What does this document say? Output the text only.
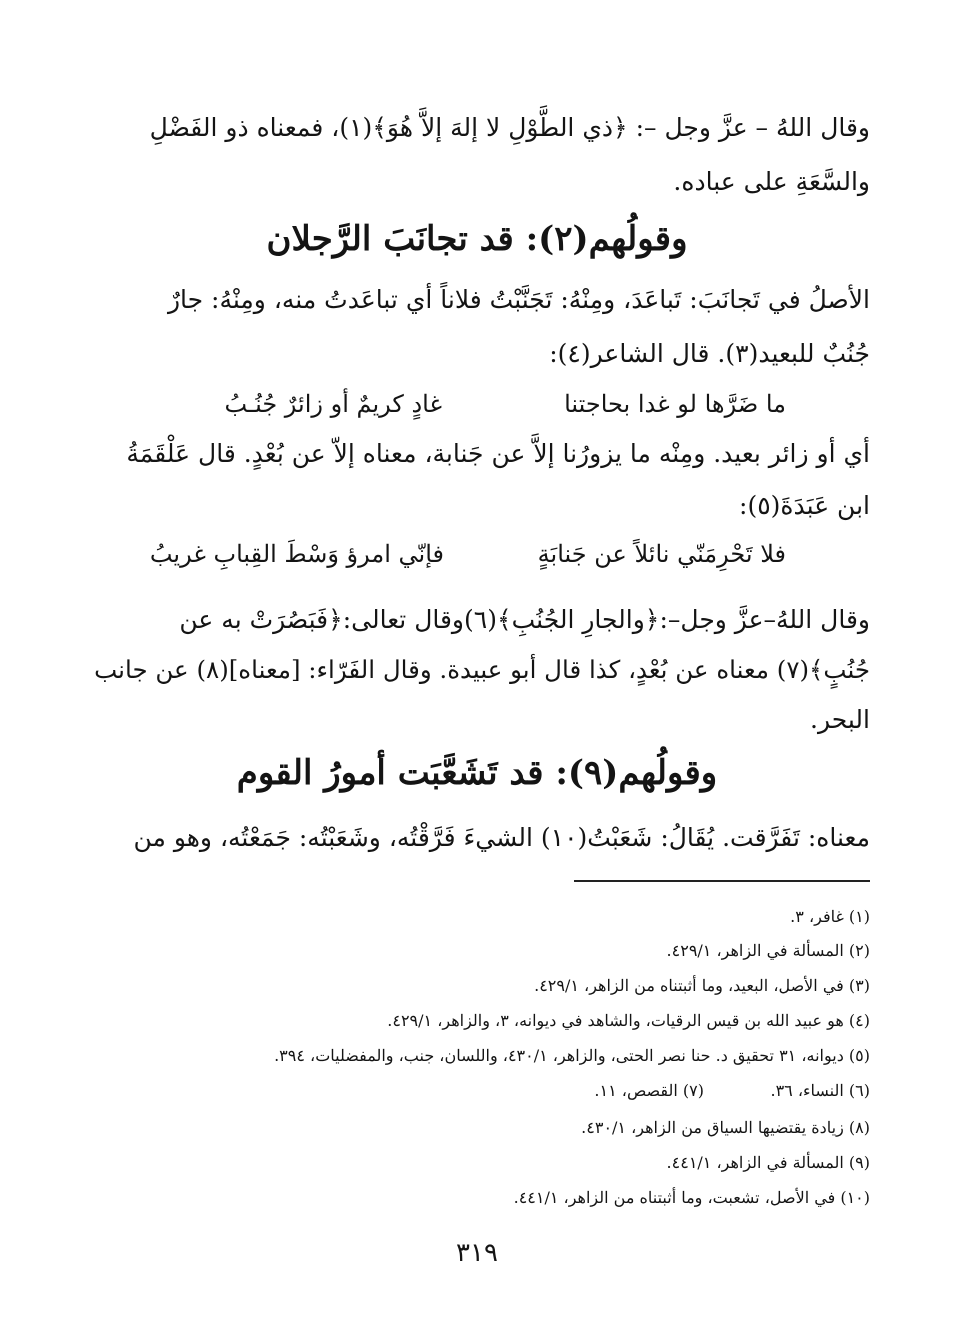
وقال اللهُ – عزَّ وجل –: ﴿ذي الطَّوْلِ لا إلهَ إلاَّ هُوَ﴾(١)، فمعناه ذو الفَضْلِ
والسَّعَةِ على عباده.
وقولُهم(٢): قد تجانَبَ الرَّجلان
الأصلُ في تَجانَبَ: تَباعَدَ، ومِنْهُ: تَجَنَّبْتُ فلاناً أي تباعَدتُ منه، ومِنْهُ: جارٌ
جُنُبٌ للبعيد(٣). قال الشاعر(٤):
ما ضَرَّها لو غدا بحاجتنا
غادٍ كريمٌ أو زائرٌ جُنُـبُ
أي أو زائر بعيد. ومِنْه ما يزورُنا إلاَّ عن جَنابة، معناه إلاّ عن بُعْدٍ. قال عَلْقَمَةُ
ابن عَبَدَةَ(٥):
فلا تَحْرِمَنّي نائلاً عن جَنابَةٍ
فإنّي امرؤ وَسْطَ القِبابِ غريبُ
وقال اللهُ–عزَّ وجل–:﴿والجارِ الجُنُبِ﴾(٦)وقال تعالى:﴿فَبَصُرَتْ به عن
جُنُبٍ﴾(٧) معناه عن بُعْدٍ، كذا قال أبو عبيدة. وقال الفَرّاء: [معناه](٨) عن جانب
البحر.
وقولُهم(٩): قد تَشَعَّبَت أمورُ القوم
معناه: تَفَرَّقت. يُقَالُ: شَعَبْتُ(١٠) الشيءَ فَرَّقْتُه، وشَعَبْتُه: جَمَعْتُه، وهو من
(١) غافر، ٣.
(٢) المسألة في الزاهر، ٤٢٩/١.
(٣) في الأصل، البعيد، وما أثبتناه من الزاهر، ٤٢٩/١.
(٤) هو عبيد الله بن قيس الرقيات، والشاهد في ديوانه، ٣، والزاهر، ٤٢٩/١.
(٥) ديوانه، ٣١ تحقيق د. حنا نصر الحتى، والزاهر، ٤٣٠/١، واللسان، جنب، والمفضليات، ٣٩٤.
(٦) النساء، ٣٦.
(٧) القصص، ١١.
(٨) زيادة يقتضيها السياق من الزاهر، ٤٣٠/١.
(٩) المسألة في الزاهر، ٤٤١/١.
(١٠) في الأصل، تشعبت، وما أثبتناه من الزاهر، ٤٤١/١.
٣١٩
